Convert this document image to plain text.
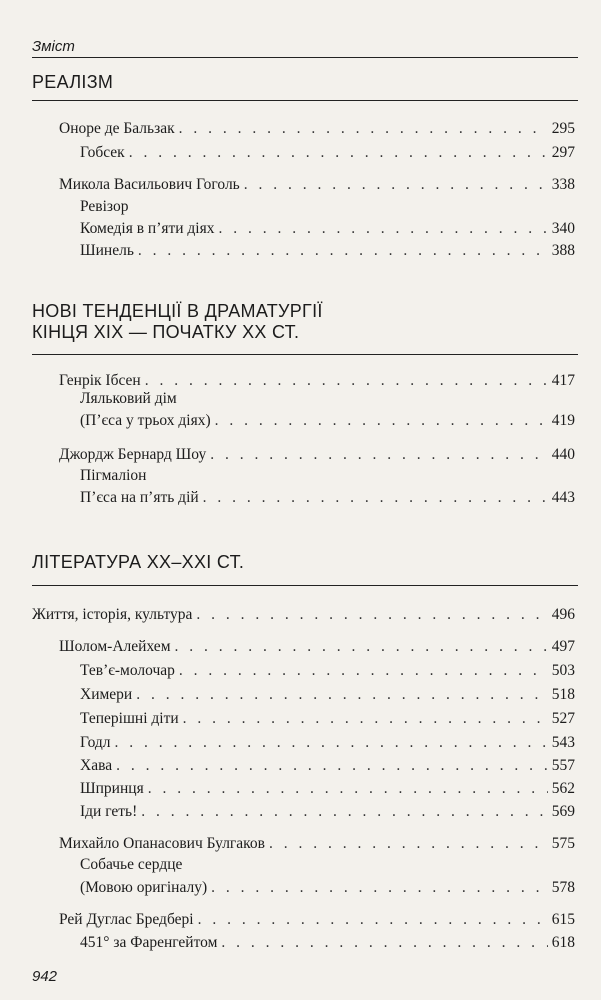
Зміст
РЕАЛІЗМ
Оноре де Бальзак . . .	295
Гобсек . . .	297
Микола Васильович Гоголь . . .	338
Ревізор
Комедія в п’яти діях . . .	340
Шинель . . .	388
НОВІ ТЕНДЕНЦІЇ В ДРАМАТУРГІЇ
КІНЦЯ XIX — ПОЧАТКУ XX СТ.
Генрік Ібсен . . .	417
Ляльковий дім
(П’єса у трьох діях) . . .	419
Джордж Бернард Шоу . . .	440
Пігмаліон
П’єса на п’ять дій . . .	443
ЛІТЕРАТУРА XX–XXI СТ.
Життя, історія, культура . . .	496
Шолом-Алейхем . . .	497
Тев’є-молочар . . .	503
Химери . . .	518
Теперішні діти . . .	527
Годл . . .	543
Хава . . .	557
Шпринця . . .	562
Іди геть! . . .	569
Михайло Опанасович Булгаков . . .	575
Собачье сердце
(Мовою оригіналу) . . .	578
Рей Дуглас Бредбері . . .	615
451° за Фаренгейтом . . .	618
942
